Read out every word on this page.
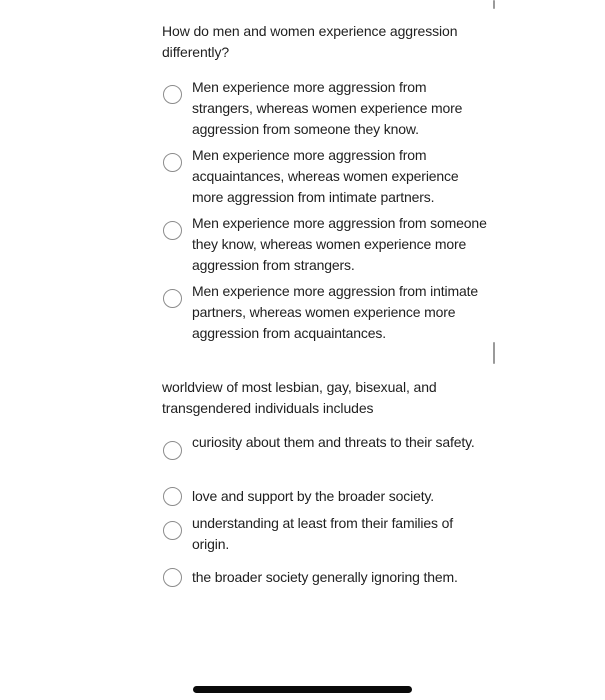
How do men and women experience aggression differently?
Men experience more aggression from strangers, whereas women experience more aggression from someone they know.
Men experience more aggression from acquaintances, whereas women experience more aggression from intimate partners.
Men experience more aggression from someone they know, whereas women experience more aggression from strangers.
Men experience more aggression from intimate partners, whereas women experience more aggression from acquaintances.
worldview of most lesbian, gay, bisexual, and transgendered individuals includes
curiosity about them and threats to their safety.
love and support by the broader society.
understanding at least from their families of origin.
the broader society generally ignoring them.
